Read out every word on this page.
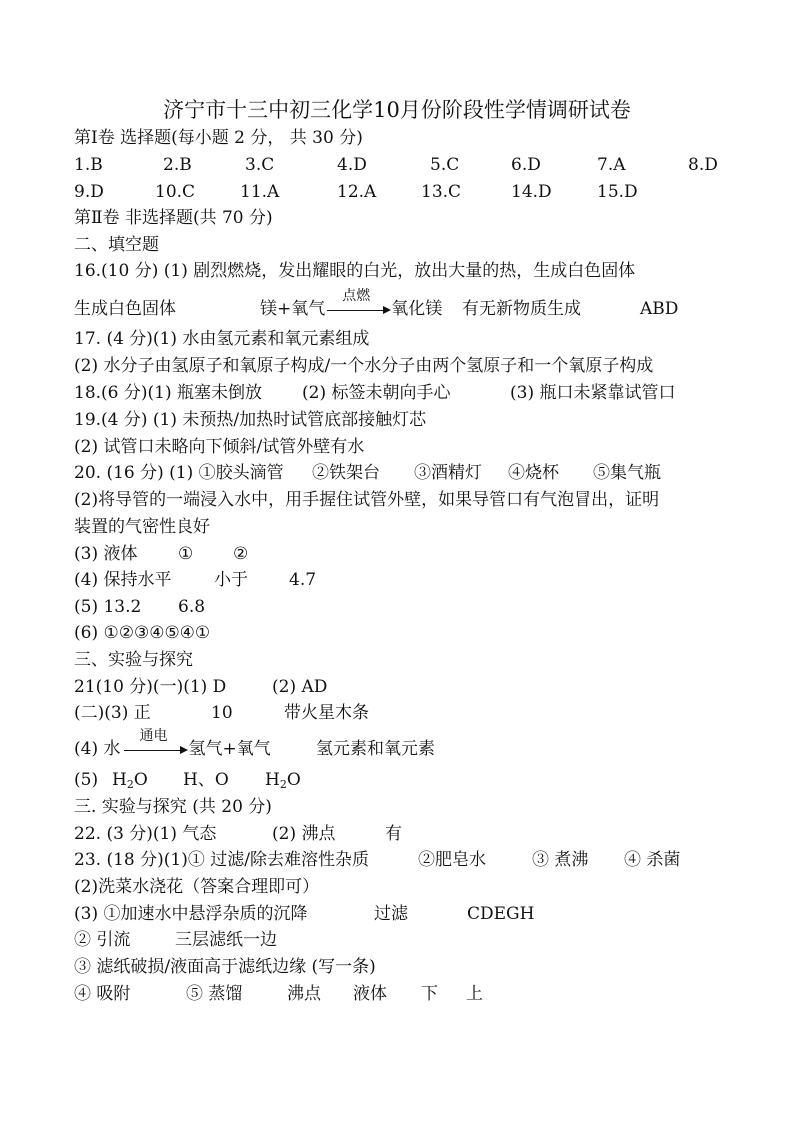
济宁市十三中初三化学10月份阶段性学情调研试卷
第Ⅰ卷 选择题(每小题 2 分， 共 30 分)
1.B	2.B	3.C	4.D	5.C	6.D	7.A	8.D
9.D	10.C	11.A	12.A	13.C	14.D	15.D
第Ⅱ卷 非选择题(共 70 分)
二、填空题
16.(10 分) (1) 剧烈燃烧，发出耀眼的白光，放出大量的热，生成白色固体
生成白色固体	镁+氧气
点燃
氧化镁 有无新物质生成	ABD
17. (4 分)(1) 水由氢元素和氧元素组成
(2) 水分子由氢原子和氧原子构成/一个水分子由两个氢原子和一个氧原子构成
18.(6 分)(1) 瓶塞未倒放 (2) 标签未朝向手心	(3) 瓶口未紧靠试管口
19.(4 分) (1) 未预热/加热时试管底部接触灯芯
(2) 试管口未略向下倾斜/试管外壁有水
20. (16 分) (1) ①胶头滴管 ②铁架台 ③酒精灯 ④烧杯 ⑤集气瓶
(2)将导管的一端浸入水中，用手握住试管外壁，如果导管口有气泡冒出，证明
装置的气密性良好
(3) 液体 ① ②
(4) 保持水平	小于 4.7
(5) 13.2 6.8
(6) ①②③④⑤④①
三、实验与探究
21(10 分)(一)(1) D	(2) AD
(二)(3) 正	10	带火星木条
(4) 水
通电
氢气+氧气	氢元素和氧元素
(5) $H_2O$ H、O $H_2O$
三. 实验与探究 (共 20 分)
22. (3 分)(1) 气态	(2) 沸点	有
23. (18 分)(1)① 过滤/除去难溶性杂质	②肥皂水	③ 煮沸 ④ 杀菌
(2)洗菜水浇花（答案合理即可）
(3) ①加速水中悬浮杂质的沉降	过滤	CDEGH
② 引流	三层滤纸一边
③ 滤纸破损/液面高于滤纸边缘 (写一条)
④ 吸附	⑤ 蒸馏	沸点 液体 下 上
